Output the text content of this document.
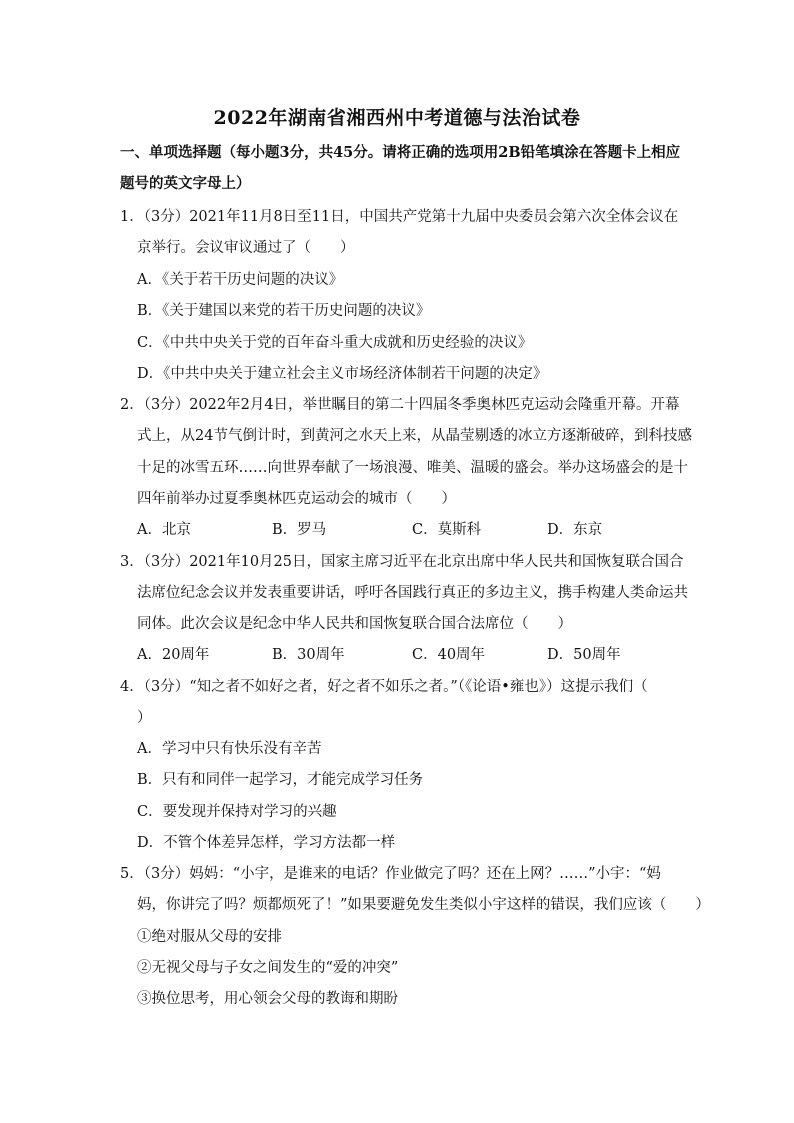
2022年湖南省湘西州中考道德与法治试卷
一、单项选择题（每小题3分，共45分。请将正确的选项用2B铅笔填涂在答题卡上相应
题号的英文字母上）
1．（3分）2021年11月8日至11日，中国共产党第十九届中央委员会第六次全体会议在
京举行。会议审议通过了（　　）
A．《关于若干历史问题的决议》
B．《关于建国以来党的若干历史问题的决议》
C．《中共中央关于党的百年奋斗重大成就和历史经验的决议》
D．《中共中央关于建立社会主义市场经济体制若干问题的决定》
2．（3分）2022年2月4日，举世瞩目的第二十四届冬季奥林匹克运动会隆重开幕。开幕
式上，从24节气倒计时，到黄河之水天上来，从晶莹剔透的冰立方逐渐破碎，到科技感
十足的冰雪五环……向世界奉献了一场浪漫、唯美、温暖的盛会。举办这场盛会的是十
四年前举办过夏季奥林匹克运动会的城市（　　）
A．北京	B．罗马	C．莫斯科	D．东京
3．（3分）2021年10月25日，国家主席习近平在北京出席中华人民共和国恢复联合国合
法席位纪念会议并发表重要讲话，呼吁各国践行真正的多边主义，携手构建人类命运共
同体。此次会议是纪念中华人民共和国恢复联合国合法席位（　　）
A．20周年	B．30周年	C．40周年	D．50周年
4．（3分）“知之者不如好之者，好之者不如乐之者。”（《论语•雍也》）这提示我们（
）
A．学习中只有快乐没有辛苦
B．只有和同伴一起学习，才能完成学习任务
C．要发现并保持对学习的兴趣
D．不管个体差异怎样，学习方法都一样
5．（3分）妈妈：“小宇，是谁来的电话？作业做完了吗？还在上网？……”小宇：“妈
妈，你讲完了吗？烦都烦死了！”如果要避免发生类似小宇这样的错误，我们应该（　　）
①绝对服从父母的安排
②无视父母与子女之间发生的“爱的冲突”
③换位思考，用心领会父母的教诲和期盼
